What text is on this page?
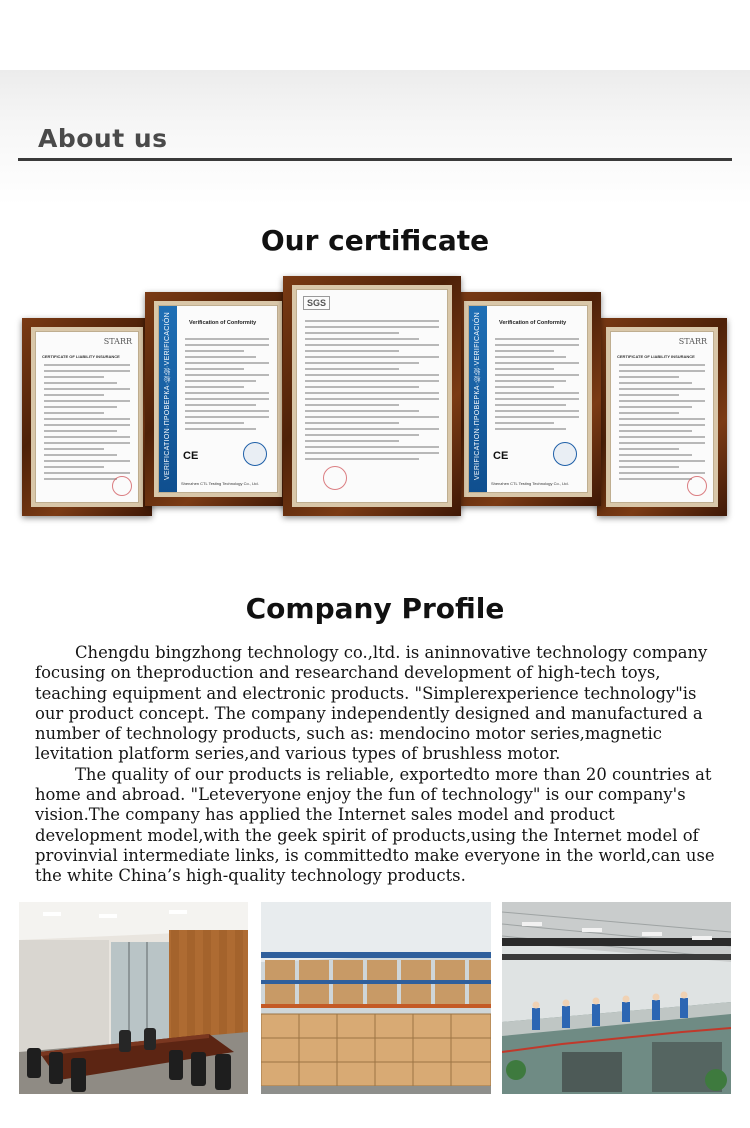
About us
Our certificate
STARR
CERTIFICATE OF LIABILITY INSURANCE	VERIFICATION·ПРОВЕРКА·检验·VERIFICACIÓN	Verification of Conformity
CE
Shenzhen CTL Testing Technology Co., Ltd.
SGS
VERIFICATION·ПРОВЕРКА·检验·VERIFICACIÓN	Verification of Conformity
CE
Shenzhen CTL Testing Technology Co., Ltd.
STARR
CERTIFICATE OF LIABILITY INSURANCE
Company Profile

Chengdu bingzhong technology co.,ltd. is aninnovative technology company focusing on theproduction and researchand development of high-tech toys, teaching equipment and electronic products. "Simplerexperience technology"is our product concept. The company independently designed and manufactured a number of technology products, such as: mendocino motor series,magnetic levitation platform series,and various types of brushless motor.

The quality of our products is reliable, exportedto more than 20 countries at home and abroad. "Leteveryone enjoy the fun of technology" is our company's vision.The company has applied the Internet sales model and product development model,with the geek spirit of products,using the Internet model of provinvial intermediate links, is committedto make everyone in the world,can use the white China’s high-quality technology products.
